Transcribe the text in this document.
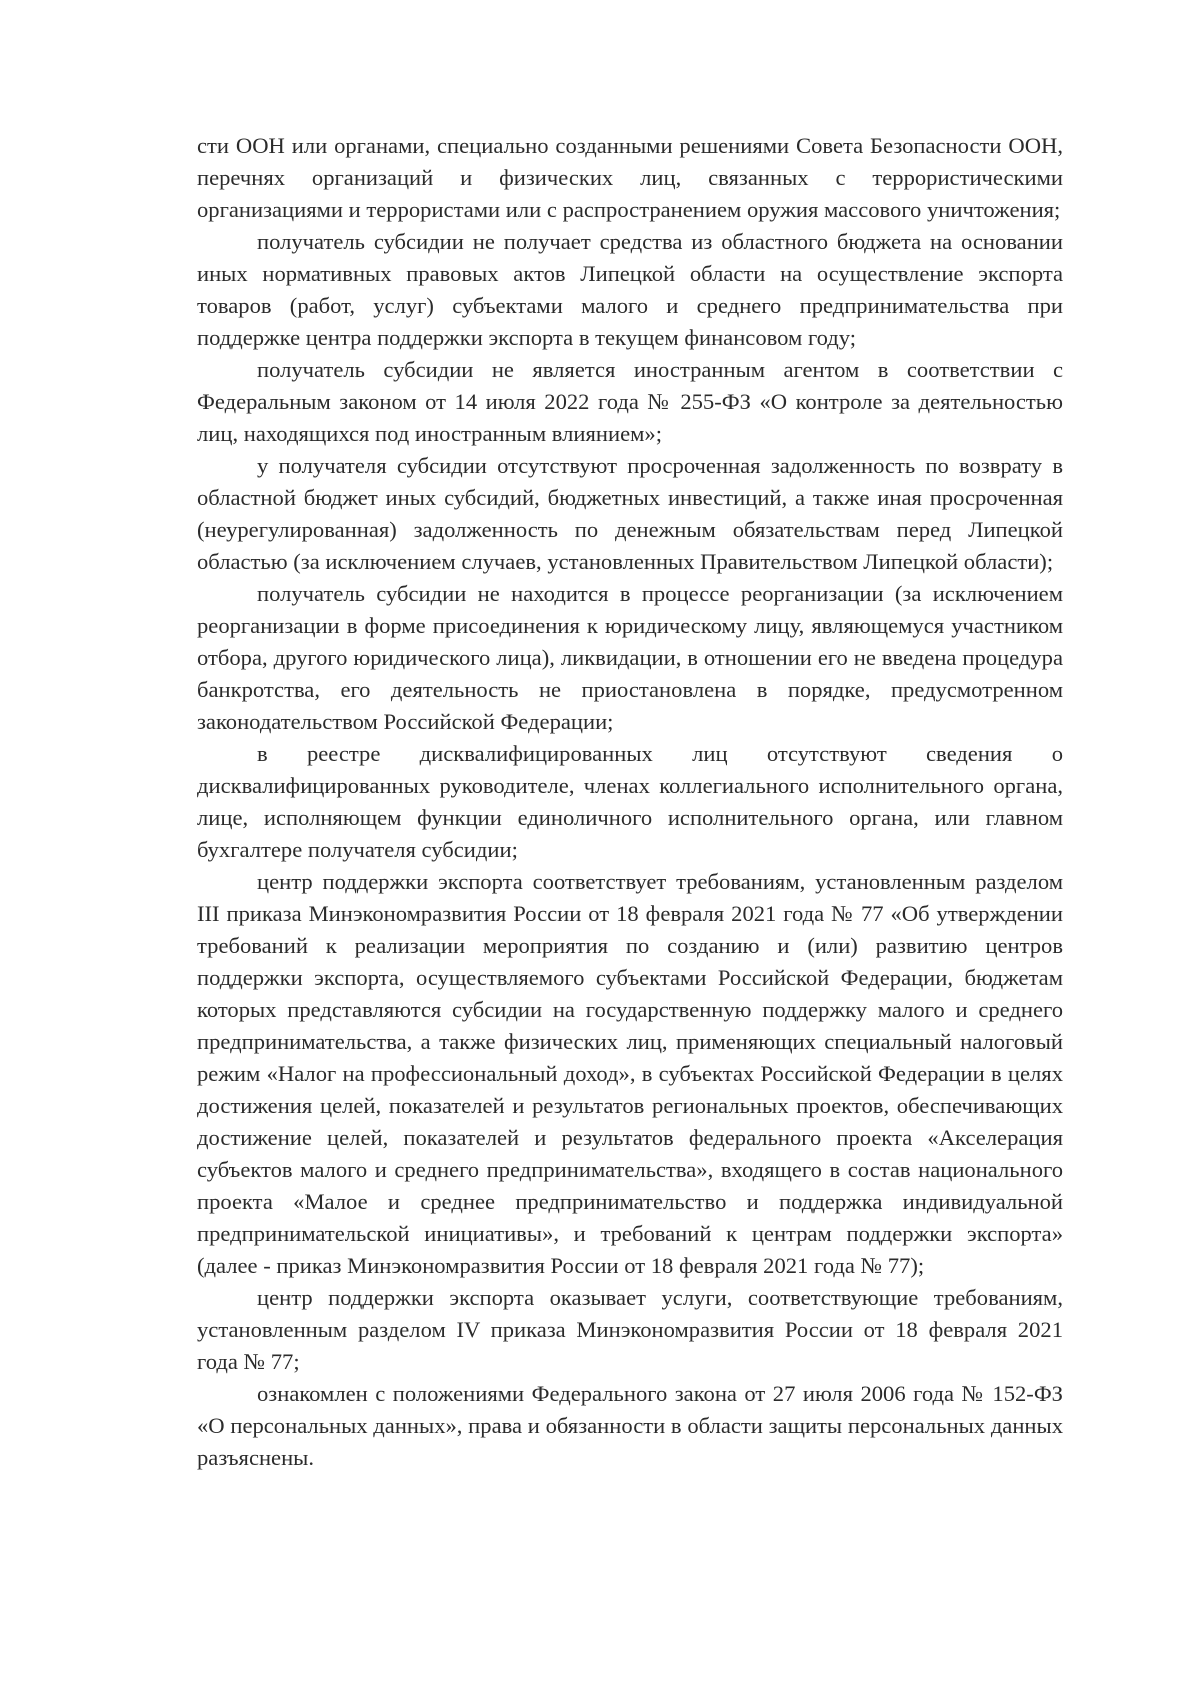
сти ООН или органами, специально созданными решениями Совета Безопасности ООН, перечнях организаций и физических лиц, связанных с террористическими организациями и террористами или с распространением оружия массового уничтожения;

получатель субсидии не получает средства из областного бюджета на основании иных нормативных правовых актов Липецкой области на осуществление экспорта товаров (работ, услуг) субъектами малого и среднего предпринимательства при поддержке центра поддержки экспорта в текущем финансовом году;

получатель субсидии не является иностранным агентом в соответствии с Федеральным законом от 14 июля 2022 года № 255-ФЗ «О контроле за деятельностью лиц, находящихся под иностранным влиянием»;

у получателя субсидии отсутствуют просроченная задолженность по возврату в областной бюджет иных субсидий, бюджетных инвестиций, а также иная просроченная (неурегулированная) задолженность по денежным обязательствам перед Липецкой областью (за исключением случаев, установленных Правительством Липецкой области);

получатель субсидии не находится в процессе реорганизации (за исключением реорганизации в форме присоединения к юридическому лицу, являющемуся участником отбора, другого юридического лица), ликвидации, в отношении его не введена процедура банкротства, его деятельность не приостановлена в порядке, предусмотренном законодательством Российской Федерации;

в реестре дисквалифицированных лиц отсутствуют сведения о дисквалифицированных руководителе, членах коллегиального исполнительного органа, лице, исполняющем функции единоличного исполнительного органа, или главном бухгалтере получателя субсидии;

центр поддержки экспорта соответствует требованиям, установленным разделом III приказа Минэкономразвития России от 18 февраля 2021 года № 77 «Об утверждении требований к реализации мероприятия по созданию и (или) развитию центров поддержки экспорта, осуществляемого субъектами Российской Федерации, бюджетам которых представляются субсидии на государственную поддержку малого и среднего предпринимательства, а также физических лиц, применяющих специальный налоговый режим «Налог на профессиональный доход», в субъектах Российской Федерации в целях достижения целей, показателей и результатов региональных проектов, обеспечивающих достижение целей, показателей и результатов федерального проекта «Акселерация субъектов малого и среднего предпринимательства», входящего в состав национального проекта «Малое и среднее предпринимательство и поддержка индивидуальной предпринимательской инициативы», и требований к центрам поддержки экспорта» (далее - приказ Минэкономразвития России от 18 февраля 2021 года № 77);

центр поддержки экспорта оказывает услуги, соответствующие требованиям, установленным разделом IV приказа Минэкономразвития России от 18 февраля 2021 года № 77;

ознакомлен с положениями Федерального закона от 27 июля 2006 года № 152-ФЗ «О персональных данных», права и обязанности в области защиты персональных данных разъяснены.
